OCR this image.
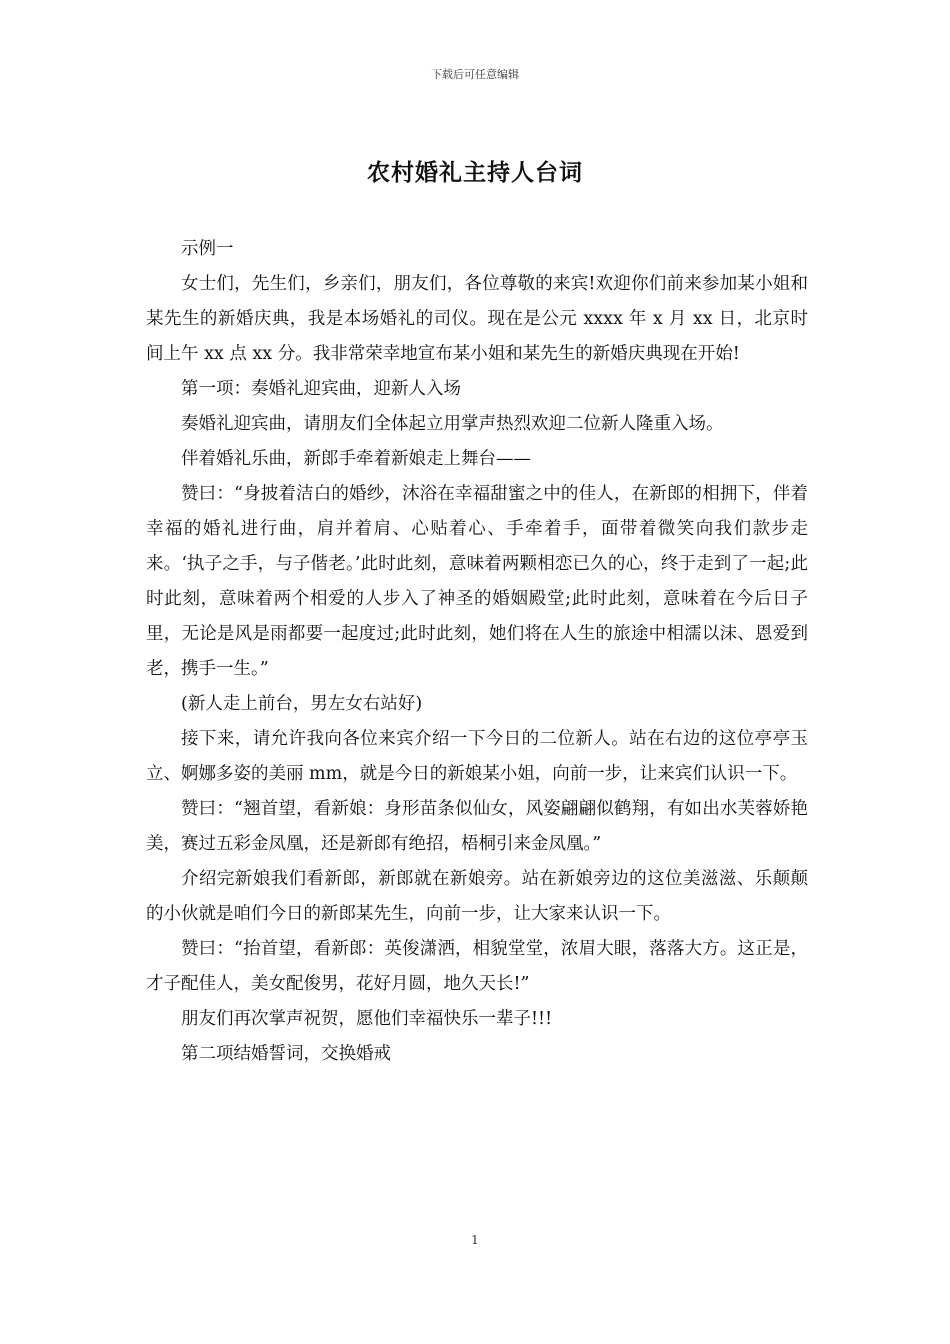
下载后可任意编辑
农村婚礼主持人台词

示例一

女士们，先生们，乡亲们，朋友们，各位尊敬的来宾!欢迎你们前来参加某小姐和某先生的新婚庆典，我是本场婚礼的司仪。现在是公元 xxxx 年 x 月 xx 日，北京时间上午 xx 点 xx 分。我非常荣幸地宣布某小姐和某先生的新婚庆典现在开始!

第一项：奏婚礼迎宾曲，迎新人入场

奏婚礼迎宾曲，请朋友们全体起立用掌声热烈欢迎二位新人隆重入场。

伴着婚礼乐曲，新郎手牵着新娘走上舞台——

赞曰：“身披着洁白的婚纱，沐浴在幸福甜蜜之中的佳人，在新郎的相拥下，伴着幸福的婚礼进行曲，肩并着肩、心贴着心、手牵着手，面带着微笑向我们款步走来。‘执子之手，与子偕老。’此时此刻，意味着两颗相恋已久的心，终于走到了一起;此时此刻，意味着两个相爱的人步入了神圣的婚姻殿堂;此时此刻，意味着在今后日子里，无论是风是雨都要一起度过;此时此刻，她们将在人生的旅途中相濡以沫、恩爱到老，携手一生。”

(新人走上前台，男左女右站好)

接下来，请允许我向各位来宾介绍一下今日的二位新人。站在右边的这位亭亭玉立、婀娜多姿的美丽 mm，就是今日的新娘某小姐，向前一步，让来宾们认识一下。

赞曰：“翘首望，看新娘：身形苗条似仙女，风姿翩翩似鹤翔，有如出水芙蓉娇艳美，赛过五彩金凤凰，还是新郎有绝招，梧桐引来金凤凰。”

介绍完新娘我们看新郎，新郎就在新娘旁。站在新娘旁边的这位美滋滋、乐颠颠的小伙就是咱们今日的新郎某先生，向前一步，让大家来认识一下。

赞曰：“抬首望，看新郎：英俊潇洒，相貌堂堂，浓眉大眼，落落大方。这正是，才子配佳人，美女配俊男，花好月圆，地久天长!”

朋友们再次掌声祝贺，愿他们幸福快乐一辈子!!!

第二项结婚誓词，交换婚戒

1
